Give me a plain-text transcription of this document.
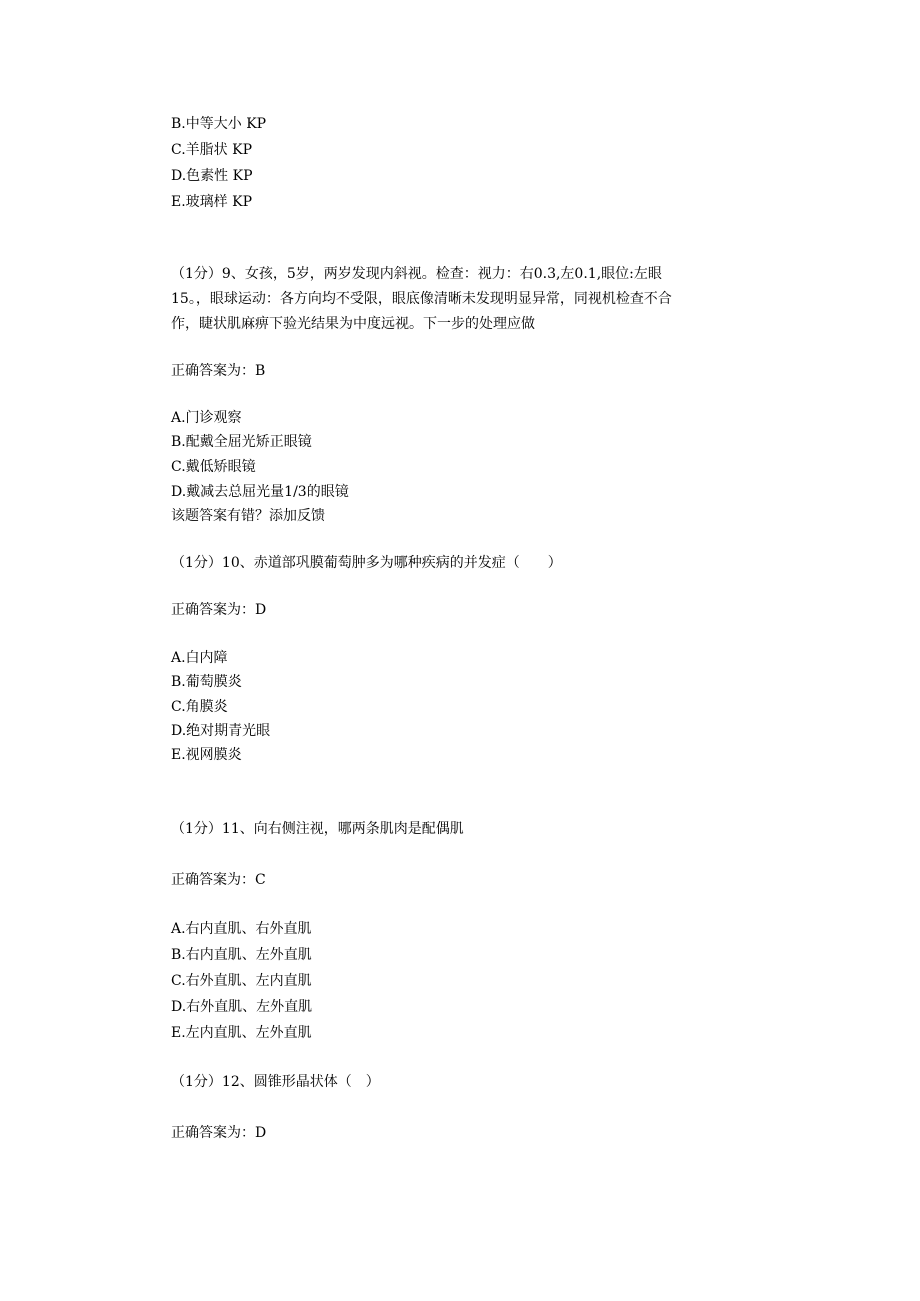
B.中等大小 KP
C.羊脂状 KP
D.色素性 KP
E.玻璃样 KP
（1分）9、女孩，5岁，两岁发现内斜视。检查：视力：右0.3,左0.1,眼位:左眼
15。，眼球运动：各方向均不受限，眼底像清晰未发现明显异常，同视机检查不合
作，睫状肌麻痹下验光结果为中度远视。下一步的处理应做
正确答案为：B
A.门诊观察
B.配戴全屈光矫正眼镜
C.戴低矫眼镜
D.戴减去总屈光量1/3的眼镜
该题答案有错？添加反馈
（1分）10、赤道部巩膜葡萄肿多为哪种疾病的并发症（　　）
正确答案为：D
A.白内障
B.葡萄膜炎
C.角膜炎
D.绝对期青光眼
E.视网膜炎
（1分）11、向右侧注视，哪两条肌肉是配偶肌
正确答案为：C
A.右内直肌、右外直肌
B.右内直肌、左外直肌
C.右外直肌、左内直肌
D.右外直肌、左外直肌
E.左内直肌、左外直肌
（1分）12、圆锥形晶状体（　）
正确答案为：D
